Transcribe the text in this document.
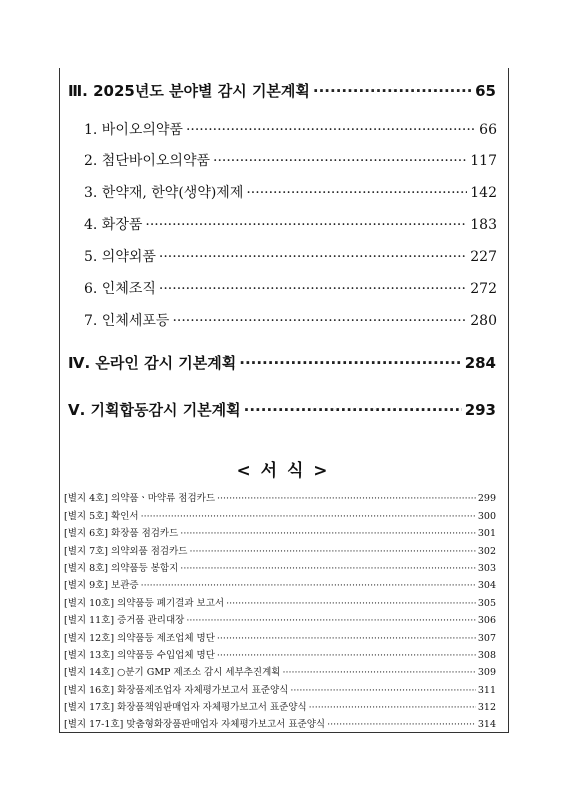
Ⅲ. 2025년도 분야별 감시 기본계획 ·····	65
1. 바이오의약품 ·····	66
2. 첨단바이오의약품 ·····	117
3. 한약재, 한약(생약)제제 ·····	142
4. 화장품 ·····	183
5. 의약외품 ·····	227
6. 인체조직 ·····	272
7. 인체세포등 ·····	280
Ⅳ. 온라인 감시 기본계획 ·····	284
Ⅴ. 기획합동감시 기본계획 ·····	293
< 서 식 >
[별지 4호] 의약품ㆍ마약류 점검카드 ·····	299
[별지 5호] 확인서 ·····	300
[별지 6호] 화장품 점검카드 ·····	301
[별지 7호] 의약외품 점검카드 ·····	302
[별지 8호] 의약품등 봉함지 ·····	303
[별지 9호] 보관증 ·····	304
[별지 10호] 의약품등 폐기결과 보고서 ·····	305
[별지 11호] 증거품 관리대장 ·····	306
[별지 12호] 의약품등 제조업체 명단 ·····	307
[별지 13호] 의약품등 수입업체 명단 ·····	308
[별지 14호] ○분기 GMP 제조소 감시 세부추진계획 ·····	309
[별지 16호] 화장품제조업자 자체평가보고서 표준양식 ·····	311
[별지 17호] 화장품책임판매업자 자체평가보고서 표준양식 ·····	312
[별지 17-1호] 맞춤형화장품판매업자 자체평가보고서 표준양식 ·····	314
